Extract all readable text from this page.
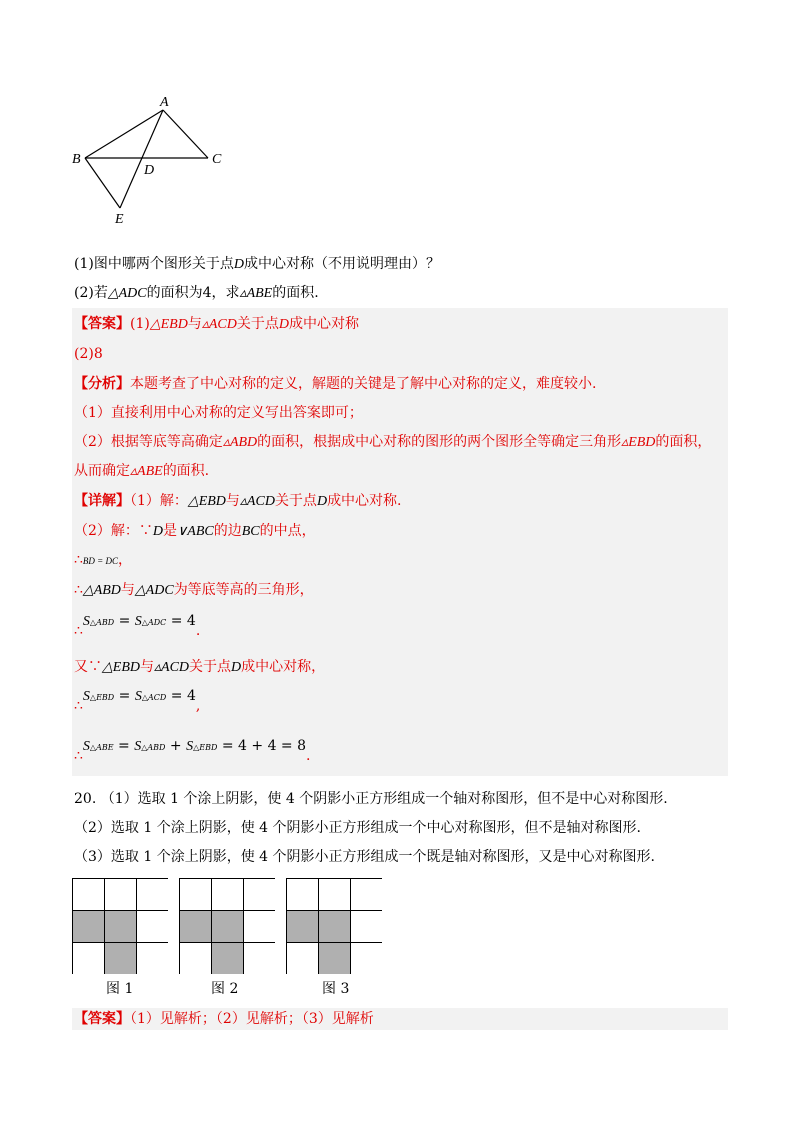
A
B	C
D
E
(1)图中哪两个图形关于点D成中心对称（不用说明理由）？
(2)若△ADC的面积为4，求▵ABE的面积.
【答案】(1)△EBD与▵ACD关于点D成中心对称
(2)8
【分析】本题考查了中心对称的定义，解题的关键是了解中心对称的定义，难度较小.
（1）直接利用中心对称的定义写出答案即可；
（2）根据等底等高确定▵ABD的面积，根据成中心对称的图形的两个图形全等确定三角形▵EBD的面积，
从而确定▵ABE的面积.
【详解】（1）解：△EBD与▵ACD关于点D成中心对称.
（2）解：∵D是∨ABC的边BC的中点，
∴BD = DC，
∴△ABD与△ADC为等底等高的三角形，
∴S△ABD = S△ADC = 4.
又∵△EBD与▵ACD关于点D成中心对称，
∴S△EBD = S△ACD = 4,
∴S△ABE = S△ABD + S△EBD = 4 + 4 = 8.
20. （1）选取 1 个涂上阴影，使 4 个阴影小正方形组成一个轴对称图形，但不是中心对称图形.
（2）选取 1 个涂上阴影，使 4 个阴影小正方形组成一个中心对称图形，但不是轴对称图形.
（3）选取 1 个涂上阴影，使 4 个阴影小正方形组成一个既是轴对称图形，又是中心对称图形.
图 1	图 2	图 3
【答案】（1）见解析；（2）见解析；（3）见解析
